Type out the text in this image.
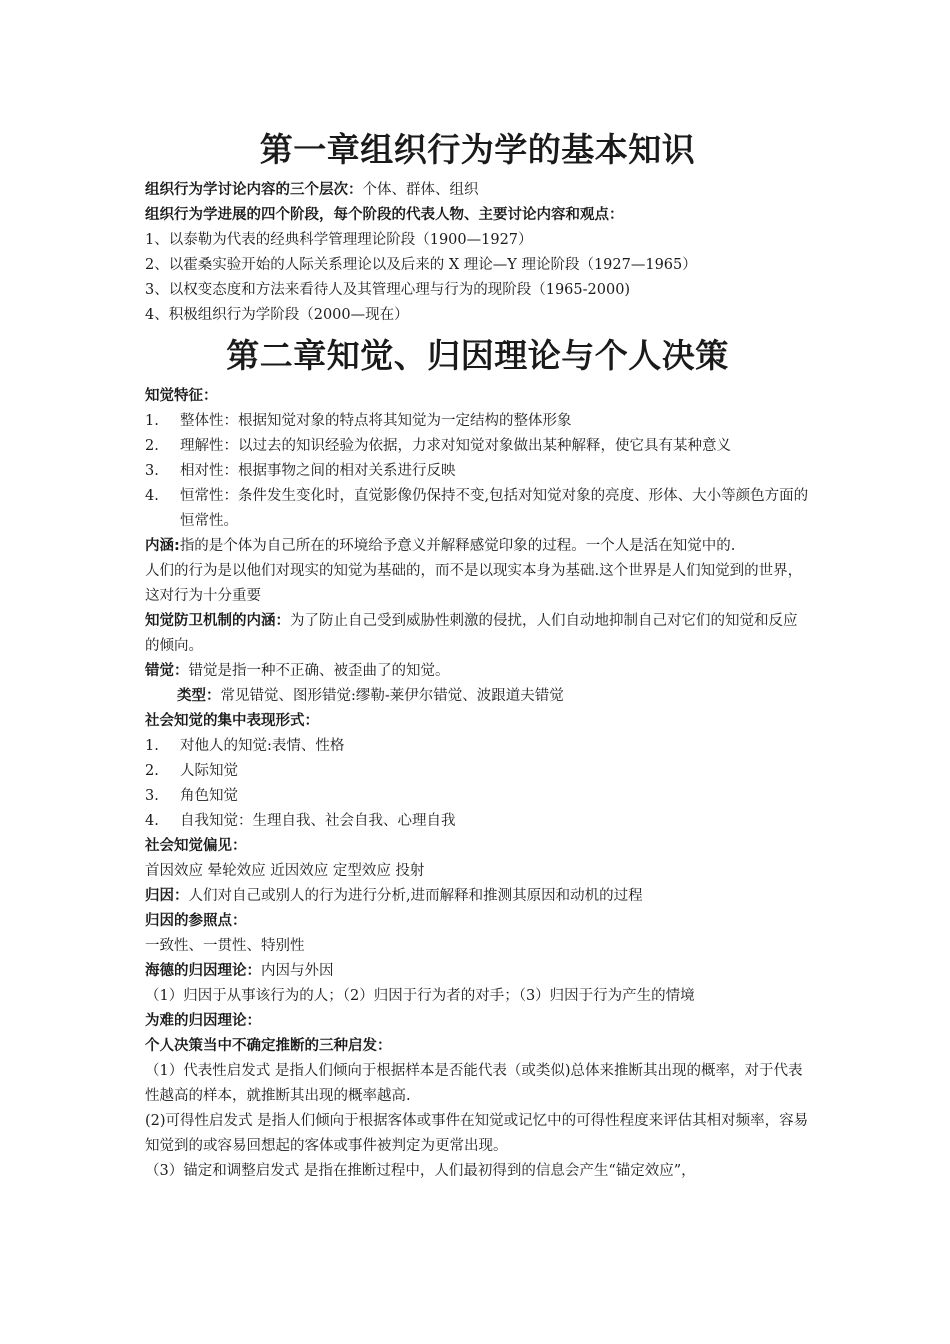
第一章组织行为学的基本知识

组织行为学讨论内容的三个层次：个体、群体、组织

组织行为学进展的四个阶段，每个阶段的代表人物、主要讨论内容和观点：

1、以泰勒为代表的经典科学管理理论阶段（1900—1927）

2、以霍桑实验开始的人际关系理论以及后来的 X 理论—Y 理论阶段（1927—1965）

3、以权变态度和方法来看待人及其管理心理与行为的现阶段（1965-2000)

4、积极组织行为学阶段（2000—现在）

第二章知觉、归因理论与个人决策

知觉特征：

1.	整体性：根据知觉对象的特点将其知觉为一定结构的整体形象
2.	理解性：以过去的知识经验为依据，力求对知觉对象做出某种解释，使它具有某种意义
3.	相对性：根据事物之间的相对关系进行反映
4.	恒常性：条件发生变化时，直觉影像仍保持不变,包括对知觉对象的亮度、形体、大小等颜色方面的恒常性。

内涵:指的是个体为自己所在的环境给予意义并解释感觉印象的过程。一个人是活在知觉中的.

人们的行为是以他们对现实的知觉为基础的，而不是以现实本身为基础.这个世界是人们知觉到的世界，这对行为十分重要

知觉防卫机制的内涵：为了防止自己受到威胁性刺激的侵扰，人们自动地抑制自己对它们的知觉和反应的倾向。

错觉：错觉是指一种不正确、被歪曲了的知觉。

类型：常见错觉、图形错觉:缪勒-莱伊尔错觉、波跟道夫错觉

社会知觉的集中表现形式：

1.	对他人的知觉:表情、性格
2.	人际知觉
3.	角色知觉
4.	自我知觉：生理自我、社会自我、心理自我

社会知觉偏见：

首因效应 晕轮效应 近因效应 定型效应 投射

归因：人们对自己或别人的行为进行分析,进而解释和推测其原因和动机的过程

归因的参照点：

一致性、一贯性、特别性

海德的归因理论：内因与外因

（1）归因于从事该行为的人；（2）归因于行为者的对手；（3）归因于行为产生的情境

为难的归因理论：

个人决策当中不确定推断的三种启发：

（1）代表性启发式 是指人们倾向于根据样本是否能代表（或类似)总体来推断其出现的概率，对于代表性越高的样本，就推断其出现的概率越高.

(2)可得性启发式 是指人们倾向于根据客体或事件在知觉或记忆中的可得性程度来评估其相对频率，容易知觉到的或容易回想起的客体或事件被判定为更常出现。

（3）锚定和调整启发式 是指在推断过程中，人们最初得到的信息会产生“锚定效应”，
